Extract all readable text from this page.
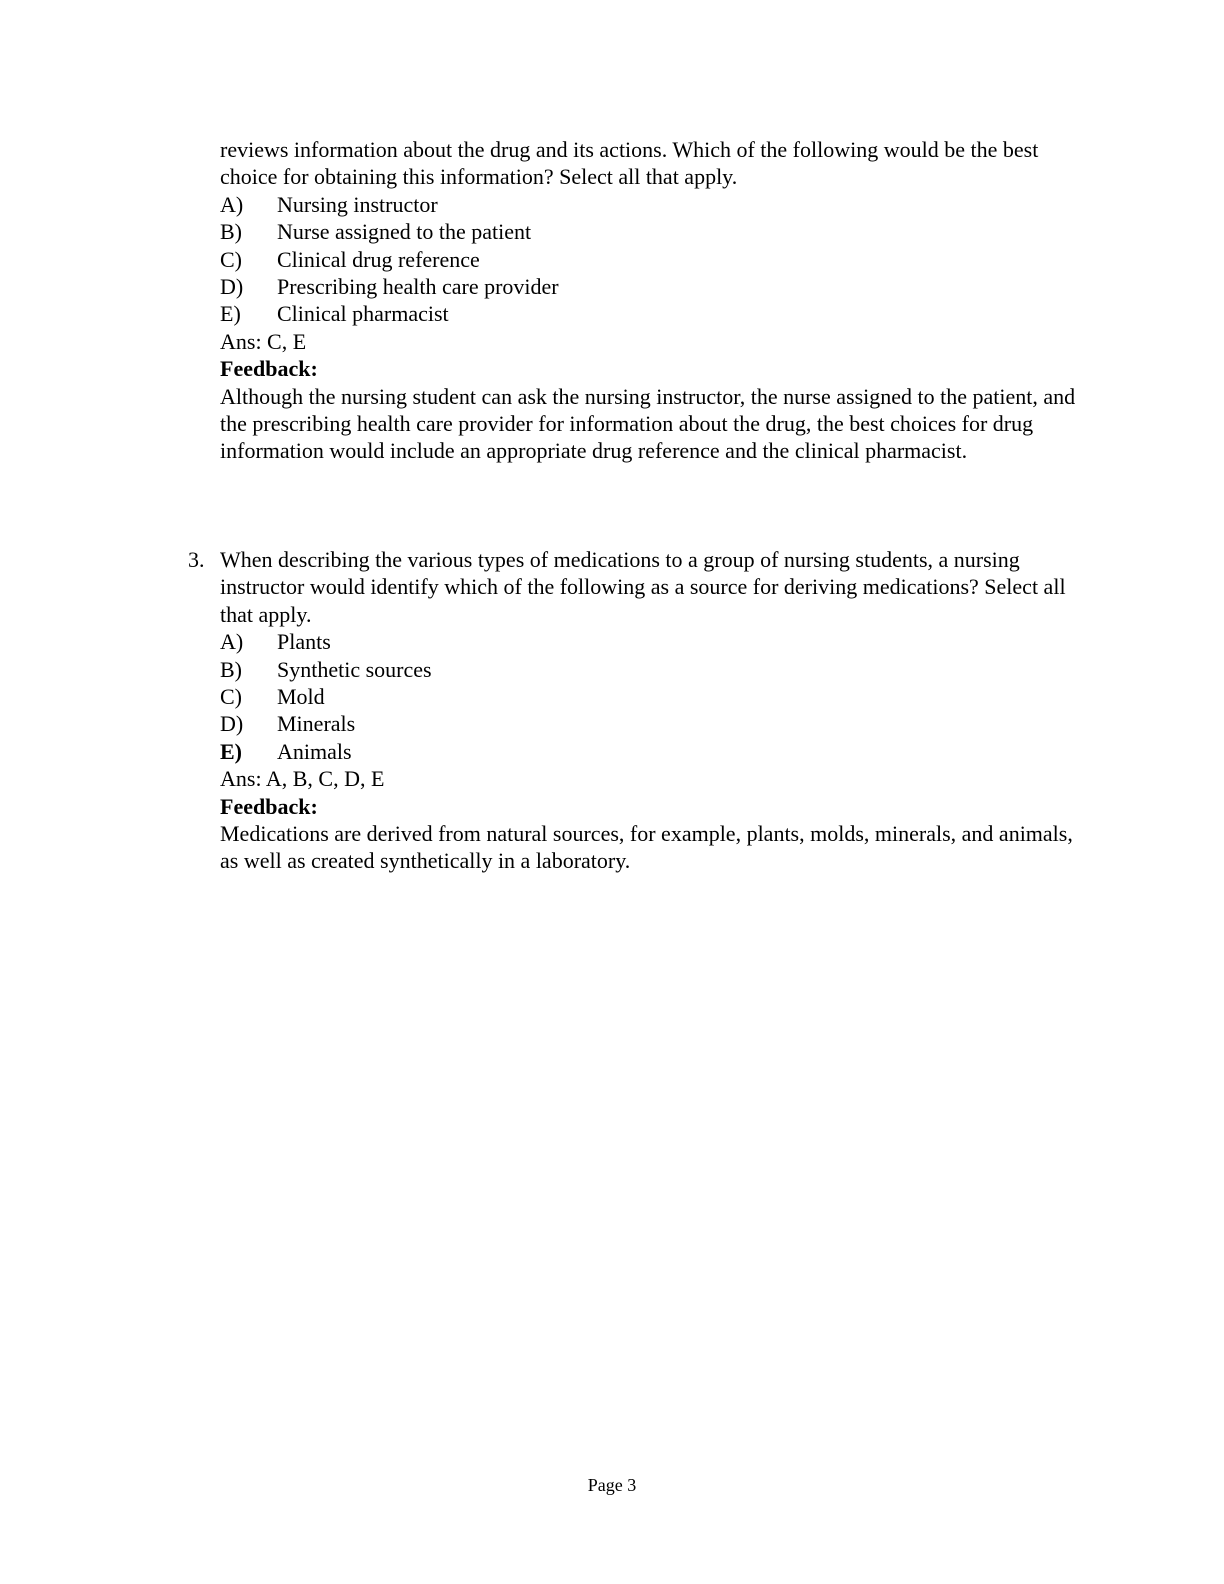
reviews information about the drug and its actions. Which of the following would be the best choice for obtaining this information? Select all that apply.

A)	Nursing instructor
B)	Nurse assigned to the patient
C)	Clinical drug reference
D)	Prescribing health care provider
E)	Clinical pharmacist

Ans: C, E

Feedback:

Although the nursing student can ask the nursing instructor, the nurse assigned to the patient, and the prescribing health care provider for information about the drug, the best choices for drug information would include an appropriate drug reference and the clinical pharmacist.

3. When describing the various types of medications to a group of nursing students, a nursing instructor would identify which of the following as a source for deriving medications? Select all that apply.

A)	Plants
B)	Synthetic sources
C)	Mold
D)	Minerals
E)	Animals

Ans: A, B, C, D, E

Feedback:

Medications are derived from natural sources, for example, plants, molds, minerals, and animals, as well as created synthetically in a laboratory.

Page 3
